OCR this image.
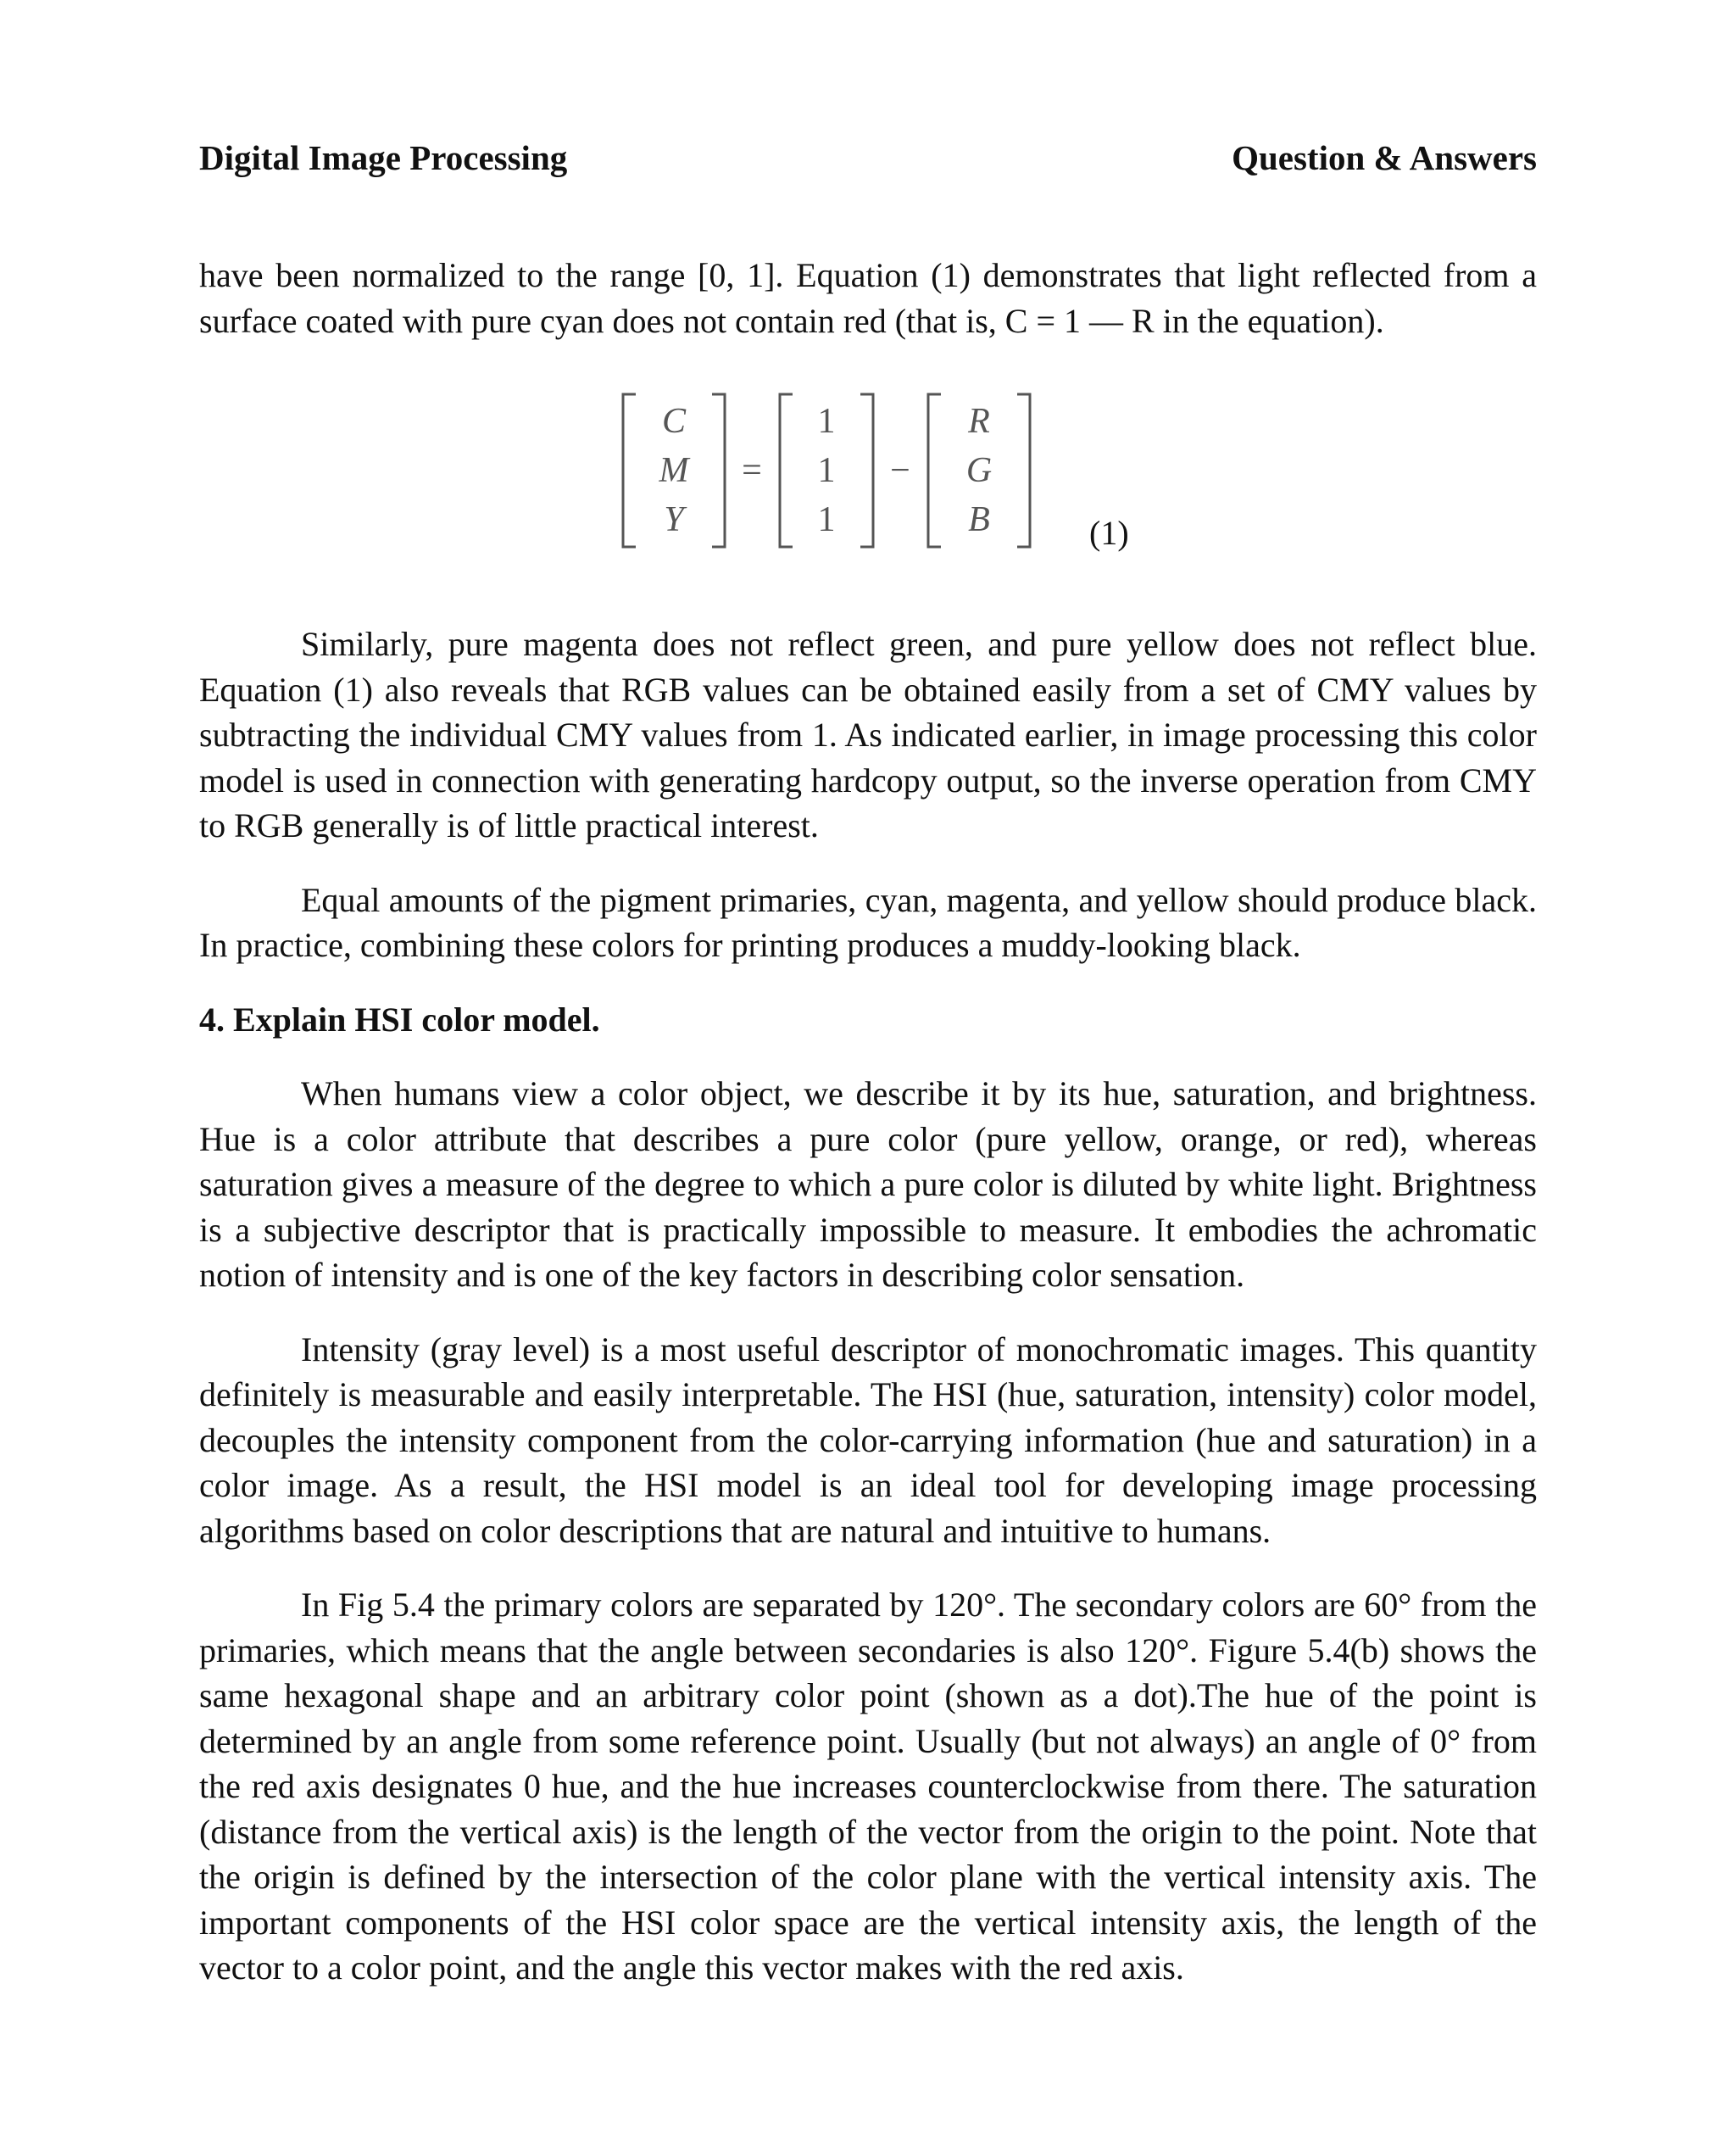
Digital Image Processing	Question & Answers

have been normalized to the range [0, 1]. Equation (1) demonstrates that light reflected from a surface coated with pure cyan does not contain red (that is, C = 1 — R in the equation).

C
M
Y
=
1
1
1
−
R
G
B	(1)

Similarly, pure magenta does not reflect green, and pure yellow does not reflect blue. Equation (1) also reveals that RGB values can be obtained easily from a set of CMY values by subtracting the individual CMY values from 1. As indicated earlier, in image processing this color model is used in connection with generating hardcopy output, so the inverse operation from CMY to RGB generally is of little practical interest.

Equal amounts of the pigment primaries, cyan, magenta, and yellow should produce black. In practice, combining these colors for printing produces a muddy-looking black.

4. Explain HSI color model.

When humans view a color object, we describe it by its hue, saturation, and brightness. Hue is a color attribute that describes a pure color (pure yellow, orange, or red), whereas saturation gives a measure of the degree to which a pure color is diluted by white light. Brightness is a subjective descriptor that is practically impossible to measure. It embodies the achromatic notion of intensity and is one of the key factors in describing color sensation.

Intensity (gray level) is a most useful descriptor of monochromatic images. This quantity definitely is measurable and easily interpretable. The HSI (hue, saturation, intensity) color model, decouples the intensity component from the color-carrying information (hue and saturation) in a color image. As a result, the HSI model is an ideal tool for developing image processing algorithms based on color descriptions that are natural and intuitive to humans.

In Fig 5.4 the primary colors are separated by 120°. The secondary colors are 60° from the primaries, which means that the angle between secondaries is also 120°. Figure 5.4(b) shows the same hexagonal shape and an arbitrary color point (shown as a dot).The hue of the point is determined by an angle from some reference point. Usually (but not always) an angle of 0° from the red axis designates 0 hue, and the hue increases counterclockwise from there. The saturation (distance from the vertical axis) is the length of the vector from the origin to the point. Note that the origin is defined by the intersection of the color plane with the vertical intensity axis. The important components of the HSI color space are the vertical intensity axis, the length of the vector to a color point, and the angle this vector makes with the red axis.
